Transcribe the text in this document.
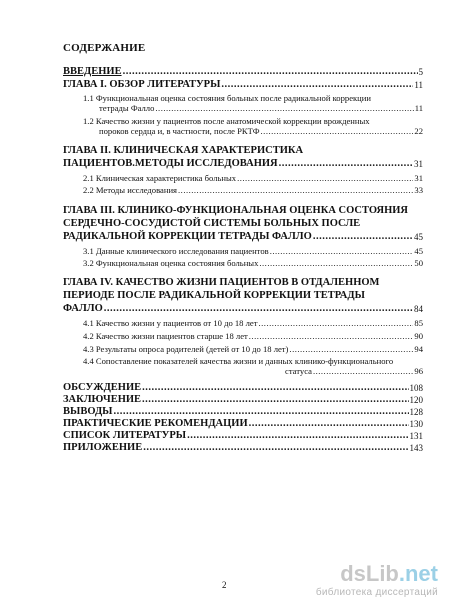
СОДЕРЖАНИЕ
ВВЕДЕНИЕ .....	5
ГЛАВА I. ОБЗОР ЛИТЕРАТУРЫ .....	11
1.1 Функциональная оценка состояния больных после радикальной коррекции
тетрады Фалло .....	11
1.2 Качество жизни у пациентов после анатомической коррекции врожденных
пороков сердца и, в частности, после РКТФ .....	22
ГЛАВА II. КЛИНИЧЕСКАЯ ХАРАКТЕРИСТИКА
ПАЦИЕНТОВ.МЕТОДЫ ИССЛЕДОВАНИЯ .....	31
2.1 Клиническая характеристика больных .....	31
2.2 Методы исследования .....	33
ГЛАВА III. КЛИНИКО-ФУНКЦИОНАЛЬНАЯ ОЦЕНКА СОСТОЯНИЯ
СЕРДЕЧНО-СОСУДИСТОЙ СИСТЕМЫ БОЛЬНЫХ ПОСЛЕ
РАДИКАЛЬНОЙ КОРРЕКЦИИ ТЕТРАДЫ ФАЛЛО .....	45
3.1 Данные клинического исследования пациентов .....	45
3.2 Функциональная оценка состояния больных .....	50
ГЛАВА IV. КАЧЕСТВО ЖИЗНИ ПАЦИЕНТОВ В ОТДАЛЕННОМ
ПЕРИОДЕ ПОСЛЕ РАДИКАЛЬНОЙ КОРРЕКЦИИ ТЕТРАДЫ
ФАЛЛО .....	84
4.1 Качество жизни у пациентов от 10 до 18 лет .....	85
4.2 Качество жизни пациентов старше 18 лет .....	90
4.3 Результаты опроса родителей (детей от 10 до 18 лет) .....	94
4.4 Сопоставление показателей качества жизни и данных клинико-функционального
статуса .....	96
ОБСУЖДЕНИЕ .....	108
ЗАКЛЮЧЕНИЕ .....	120
ВЫВОДЫ .....	128
ПРАКТИЧЕСКИЕ РЕКОМЕНДАЦИИ .....	130
СПИСОК ЛИТЕРАТУРЫ .....	131
ПРИЛОЖЕНИЕ .....	143
2	dsLib.net
библиотека диссертаций
